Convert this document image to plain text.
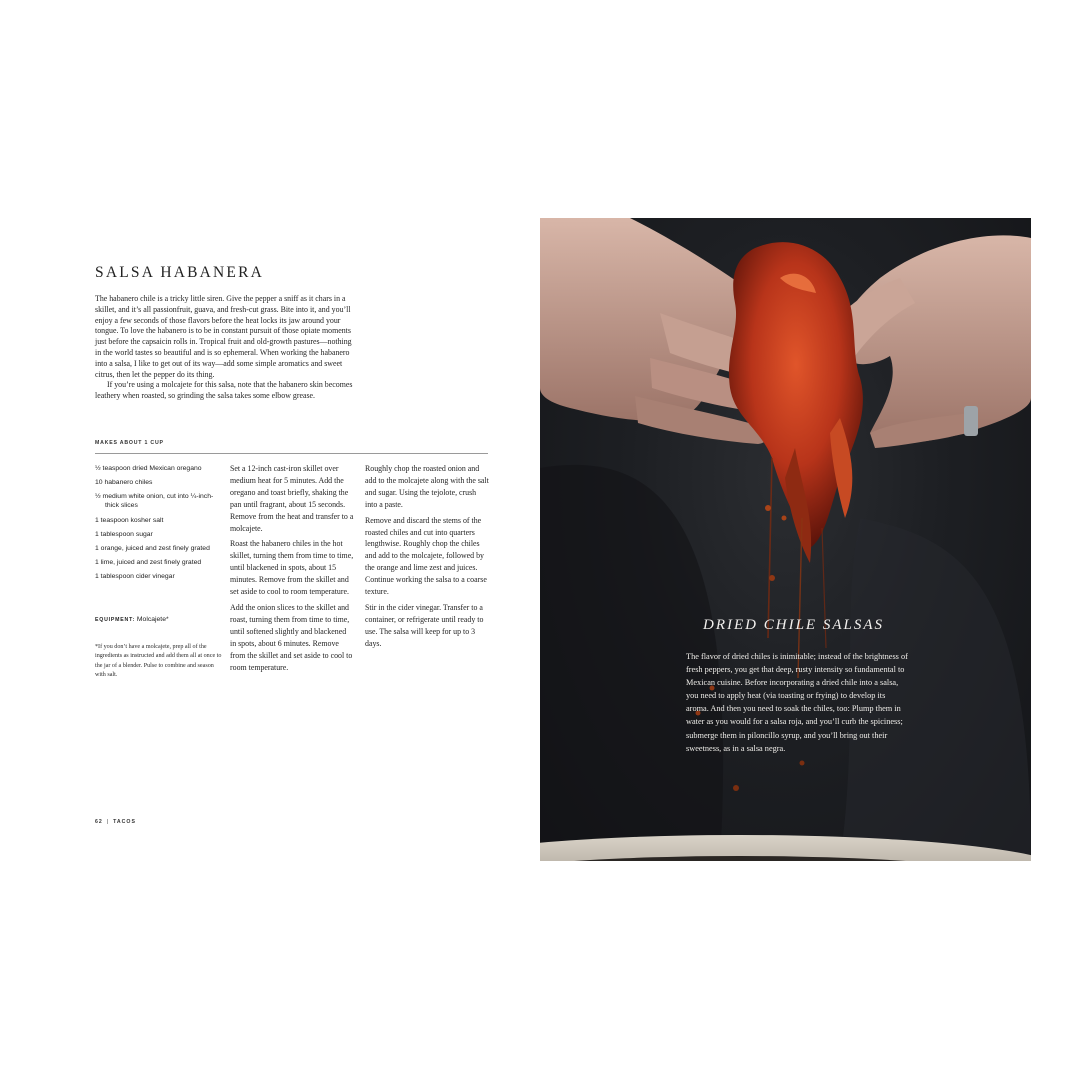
SALSA HABANERA

The habanero chile is a tricky little siren. Give the pepper a sniff as it chars in a skillet, and it’s all passionfruit, guava, and fresh-cut grass. Bite into it, and you’ll enjoy a few seconds of those flavors before the heat locks its jaw around your tongue. To love the habanero is to be in constant pursuit of those opiate moments just before the capsaicin rolls in. Tropical fruit and old-growth pastures—nothing in the world tastes so beautiful and is so ephemeral. When working the habanero into a salsa, I like to get out of its way—add some simple aromatics and sweet citrus, then let the pepper do its thing.

If you’re using a molcajete for this salsa, note that the habanero skin becomes leathery when roasted, so grinding the salsa takes some elbow grease.

MAKES ABOUT 1 CUP
½ teaspoon dried Mexican oregano
10 habanero chiles
½ medium white onion, cut into ¼-inch-thick slices
1 teaspoon kosher salt
1 tablespoon sugar
1 orange, juiced and zest finely grated
1 lime, juiced and zest finely grated
1 tablespoon cider vinegar
EQUIPMENT: Molcajete*
*If you don’t have a molcajete, prep all of the ingredients as instructed and add them all at once to the jar of a blender. Pulse to combine and season with salt.

Set a 12-inch cast-iron skillet over medium heat for 5 minutes. Add the oregano and toast briefly, shaking the pan until fragrant, about 15 seconds. Remove from the heat and transfer to a molcajete.

Roast the habanero chiles in the hot skillet, turning them from time to time, until blackened in spots, about 15 minutes. Remove from the skillet and set aside to cool to room temperature.

Add the onion slices to the skillet and roast, turning them from time to time, until softened slightly and blackened in spots, about 6 minutes. Remove from the skillet and set aside to cool to room temperature.

Roughly chop the roasted onion and add to the molcajete along with the salt and sugar. Using the tejolote, crush into a paste.

Remove and discard the stems of the roasted chiles and cut into quarters lengthwise. Roughly chop the chiles and add to the molcajete, followed by the orange and lime zest and juices. Continue working the salsa to a coarse texture.

Stir in the cider vinegar. Transfer to a container, or refrigerate until ready to use. The salsa will keep for up to 3 days.

62 | TACOS
DRIED CHILE SALSAS
The flavor of dried chiles is inimitable; instead of the brightness of fresh peppers, you get that deep, rusty intensity so fundamental to Mexican cuisine. Before incorporating a dried chile into a salsa, you need to apply heat (via toasting or frying) to develop its aroma. And then you need to soak the chiles, too: Plump them in water as you would for a salsa roja, and you’ll curb the spiciness; submerge them in piloncillo syrup, and you’ll bring out their sweetness, as in a salsa negra.
